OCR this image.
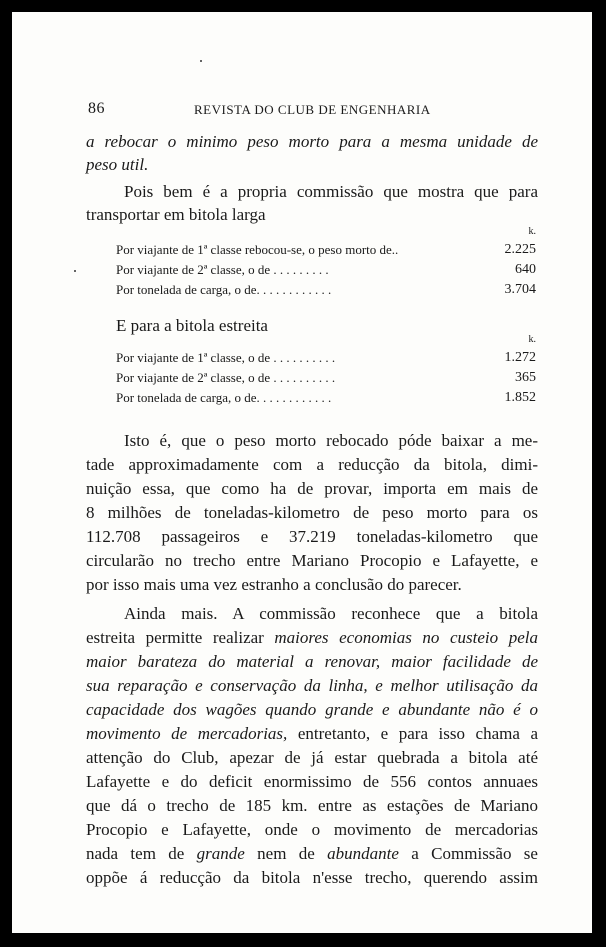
86	REVISTA DO CLUB DE ENGENHARIA
a rebocar o minimo peso morto para a mesma unidade de
peso util.
Pois bem é a propria commissão que mostra que para
transportar em bitola larga
k.
Por viajante de 1ª classe rebocou-se, o peso morto de..	2.225
Por viajante de 2ª classe, o de . . . . . . . . .	640
Por tonelada de carga, o de. . . . . . . . . . . .	3.704
E para a bitola estreita
k.
Por viajante de 1ª classe, o de . . . . . . . . . .	1.272
Por viajante de 2ª classe, o de . . . . . . . . . .	365
Por tonelada de carga, o de. . . . . . . . . . . .	1.852
Isto é, que o peso morto rebocado póde baixar a me-
tade approximadamente com a reducção da bitola, dimi-
nuição essa, que como ha de provar, importa em mais de
8 milhões de toneladas-kilometro de peso morto para os
112.708 passageiros e 37.219 toneladas-kilometro que
circularão no trecho entre Mariano Procopio e Lafayette, e
por isso mais uma vez estranho a conclusão do parecer.
Ainda mais. A commissão reconhece que a bitola
estreita permitte realizar maiores economias no custeio pela
maior barateza do material a renovar, maior facilidade de
sua reparação e conservação da linha, e melhor utilisação da
capacidade dos wagões quando grande e abundante não é o
movimento de mercadorias, entretanto, e para isso chama a
attenção do Club, apezar de já estar quebrada a bitola até
Lafayette e do deficit enormissimo de 556 contos annuaes
que dá o trecho de 185 km. entre as estações de Mariano
Procopio e Lafayette, onde o movimento de mercadorias
nada tem de grande nem de abundante a Commissão se
oppõe á reducção da bitola n'esse trecho, querendo assim
